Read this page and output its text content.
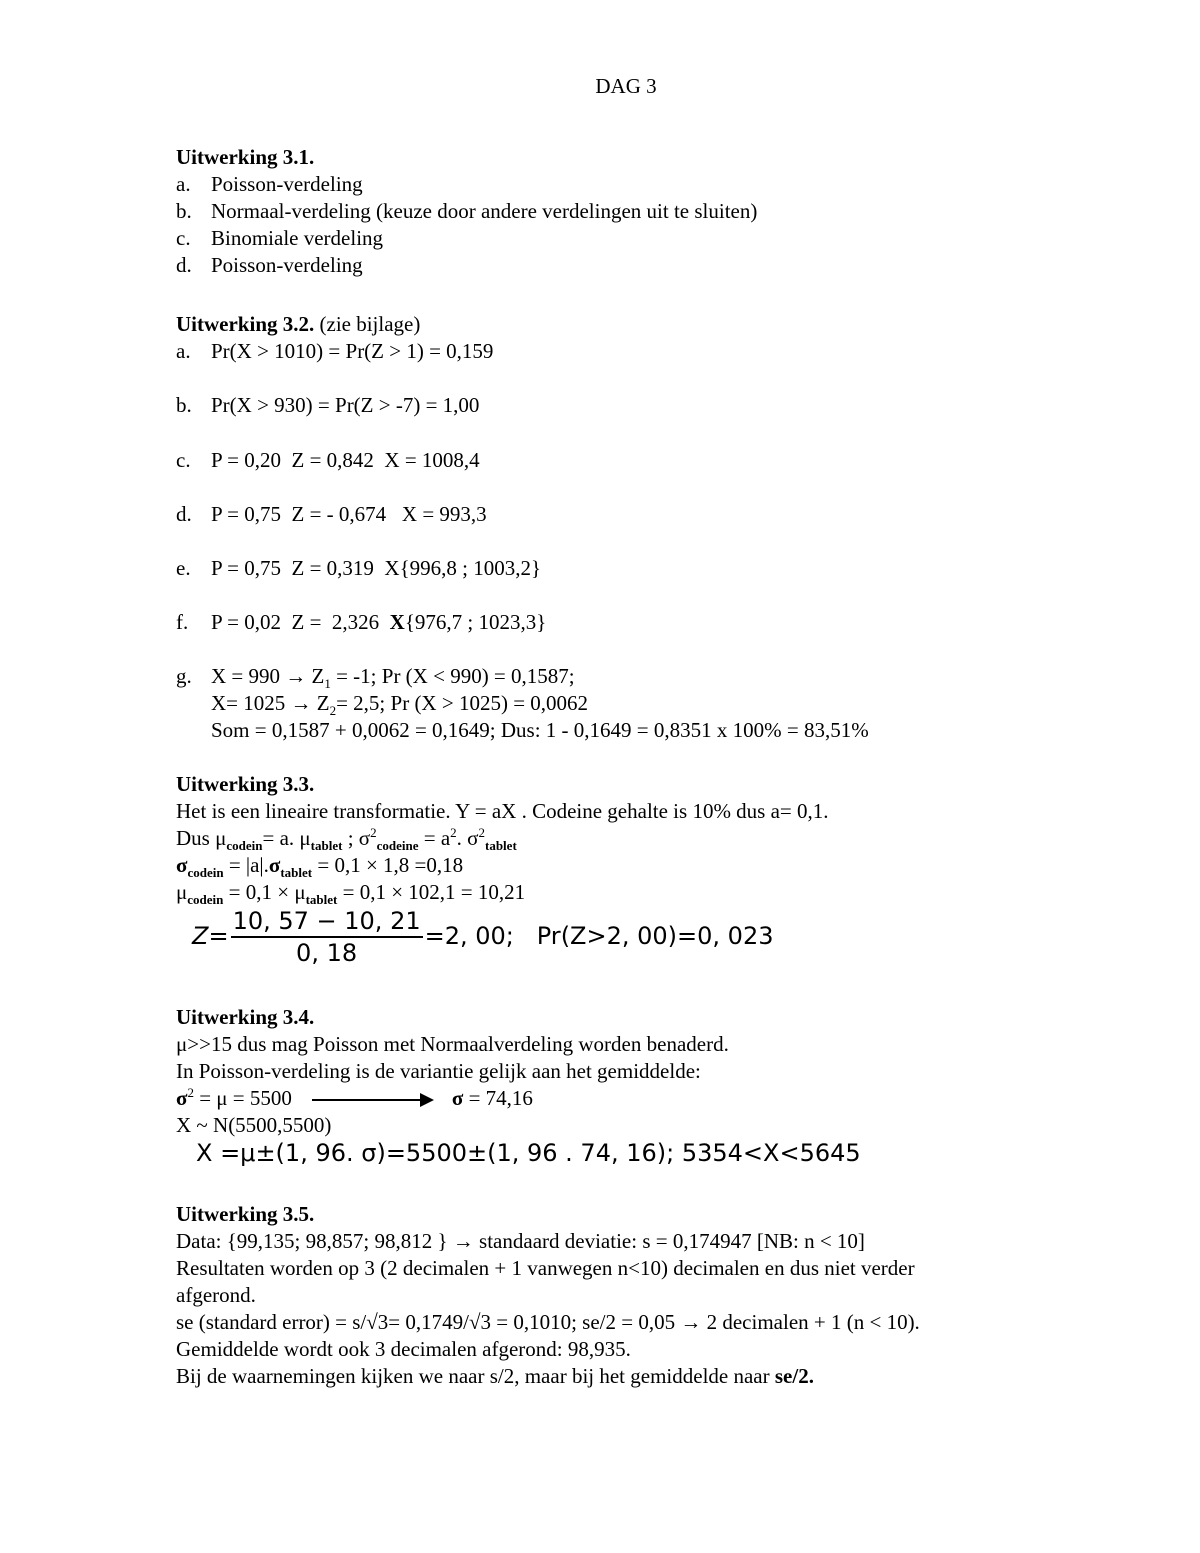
DAG 3
Uitwerking 3.1.
a. Poisson-verdeling
b. Normaal-verdeling (keuze door andere verdelingen uit te sluiten)
c. Binomiale verdeling
d. Poisson-verdeling
Uitwerking 3.2. (zie bijlage)
a. Pr(X > 1010) = Pr(Z > 1) = 0,159
b. Pr(X > 930) = Pr(Z > -7) = 1,00
c. P = 0,20  Z = 0,842  X = 1008,4
d. P = 0,75  Z = - 0,674   X = 993,3
e. P = 0,75  Z = 0,319  X{996,8 ; 1003,2}
f. P = 0,02  Z =  2,326  X{976,7 ; 1023,3}
g. $X = 990 \to Z_1 = -1$; Pr (X < 990) = 0,1587;
$X= 1025 \to Z_2= 2,5$; Pr (X > 1025) = 0,0062
Som = 0,1587 + 0,0062 = 0,1649; Dus: 1 - 0,1649 = 0,8351 x 100% = 83,51%
Uitwerking 3.3.
Het is een lineaire transformatie. Y = aX . Codeine gehalte is 10% dus a= 0,1.
Dus $\mu_{codein}= a$. $\mu_{tablet}$ ; $\sigma^2_{codeine} = a^2$. $\sigma^2_{tablet}$
$\sigma_{codein} = |a|.\sigma_{tablet} = 0,1 \times 1,8 =0,18$
$\mu_{codein} = 0,1 \times \mu_{tablet} = 0,1 \times 102,1 = 10,21$
$Z= \frac{10, 57 - 10, 21}{0, 18} =2$, 00;   Pr(Z>2, 00)=0, 023
Uitwerking 3.4.
μ>>15 dus mag Poisson met Normaalverdeling worden benaderd.
In Poisson-verdeling is de variantie gelijk aan het gemiddelde:
$\sigma^2 = \mu = 5500$	σ = 74,16
X ~ N(5500,5500)
X =μ±(1, 96. σ)=5500±(1, 96 . 74, 16); 5354<X<5645
Uitwerking 3.5.
Data: {99,135; 98,857; 98,812 } → standaard deviatie: s = 0,174947 [NB: n < 10]
Resultaten worden op 3 (2 decimalen + 1 vanwegen n<10) decimalen en dus niet verder
afgerond.
se (standard error) = s/√3= 0,1749/√3 = 0,1010; se/2 = 0,05 → 2 decimalen + 1 (n < 10).
Gemiddelde wordt ook 3 decimalen afgerond: 98,935.
Bij de waarnemingen kijken we naar s/2, maar bij het gemiddelde naar se/2.
